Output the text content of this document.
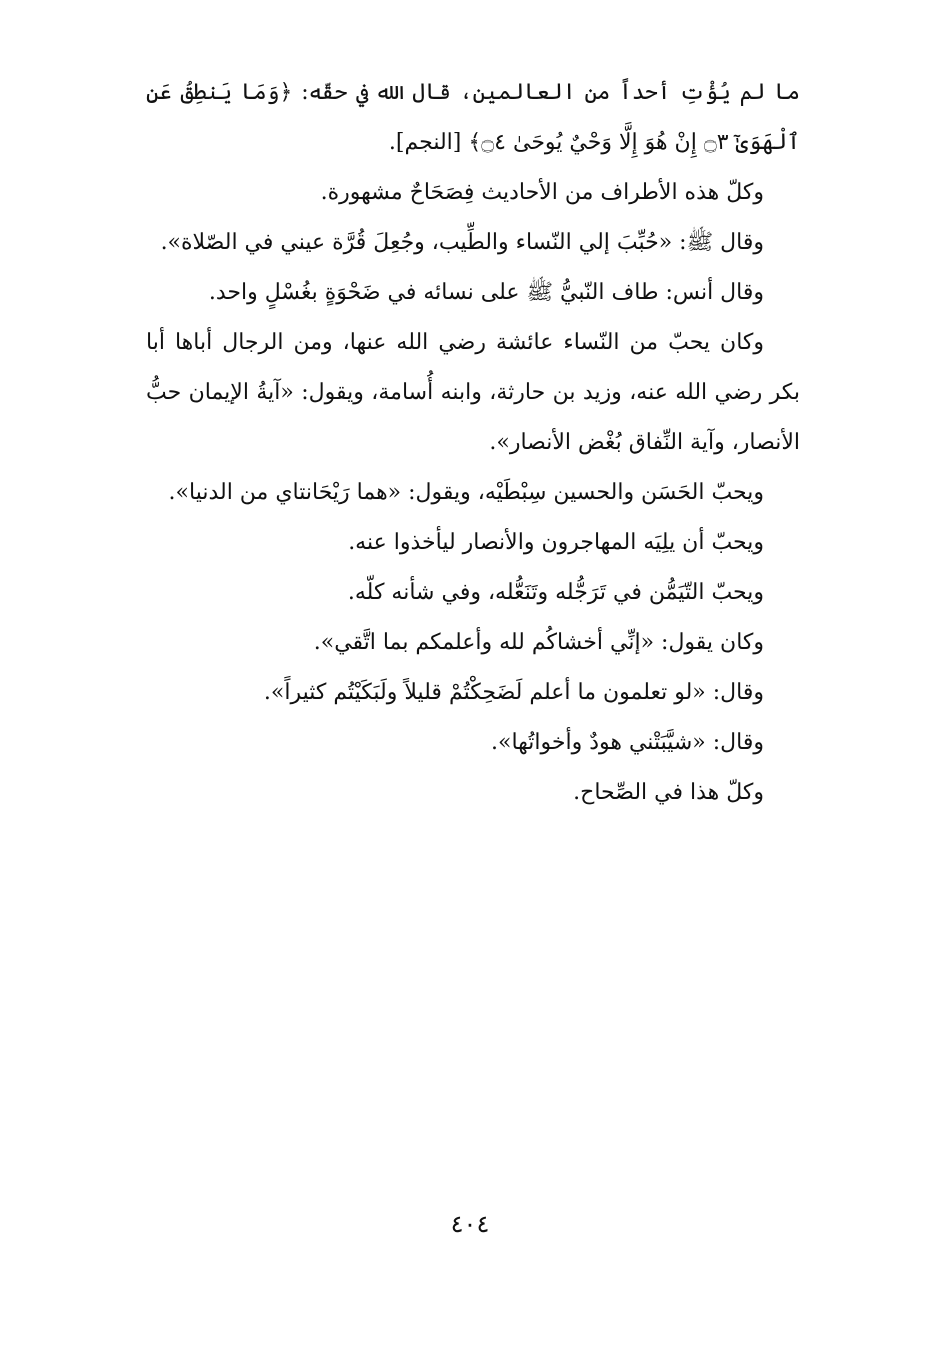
ما لم يُؤْتِ أحداً من العالمين، قال الله في حقّه: ﴿وَمَا يَنطِقُ عَنِ ٱلْهَوَىٰٓ ۝٣ إِنْ هُوَ إِلَّا وَحْيٌ يُوحَىٰ ۝٤﴾ [النجم].

وكلّ هذه الأطراف من الأحاديث فِصَحَاحٌ مشهورة.

وقال ﷺ: «حُبِّبَ إلي النّساء والطِّيب، وجُعِلَ قُرَّة عيني في الصّلاة».

وقال أنس: طاف النّبيُّ ﷺ على نسائه في ضَحْوَةٍ بغُسْلٍ واحد.

وكان يحبّ من النّساء عائشة رضي الله عنها، ومن الرجال أباها أبا بكر رضي الله عنه، وزيد بن حارثة، وابنه أُسامة، ويقول: «آيةُ الإيمان حبُّ الأنصار، وآية النِّفاق بُغْض الأنصار».

ويحبّ الحَسَن والحسين سِبْطَيْه، ويقول: «هما رَيْحَانتاي من الدنيا».

ويحبّ أن يلِيَه المهاجرون والأنصار ليأخذوا عنه.

ويحبّ التّيَمُّن في تَرَجُّله وتَنَعُّله، وفي شأنه كلّه.

وكان يقول: «إنِّي أخشاكُم لله وأعلمكم بما اتَّقي».

وقال: «لو تعلمون ما أعلم لَضَحِكْتُمْ قليلاً ولَبَكَيْتُم كثيراً».

وقال: «شيَّبَتْني هودٌ وأخواتُها».

وكلّ هذا في الصِّحاح.

٤٠٤
